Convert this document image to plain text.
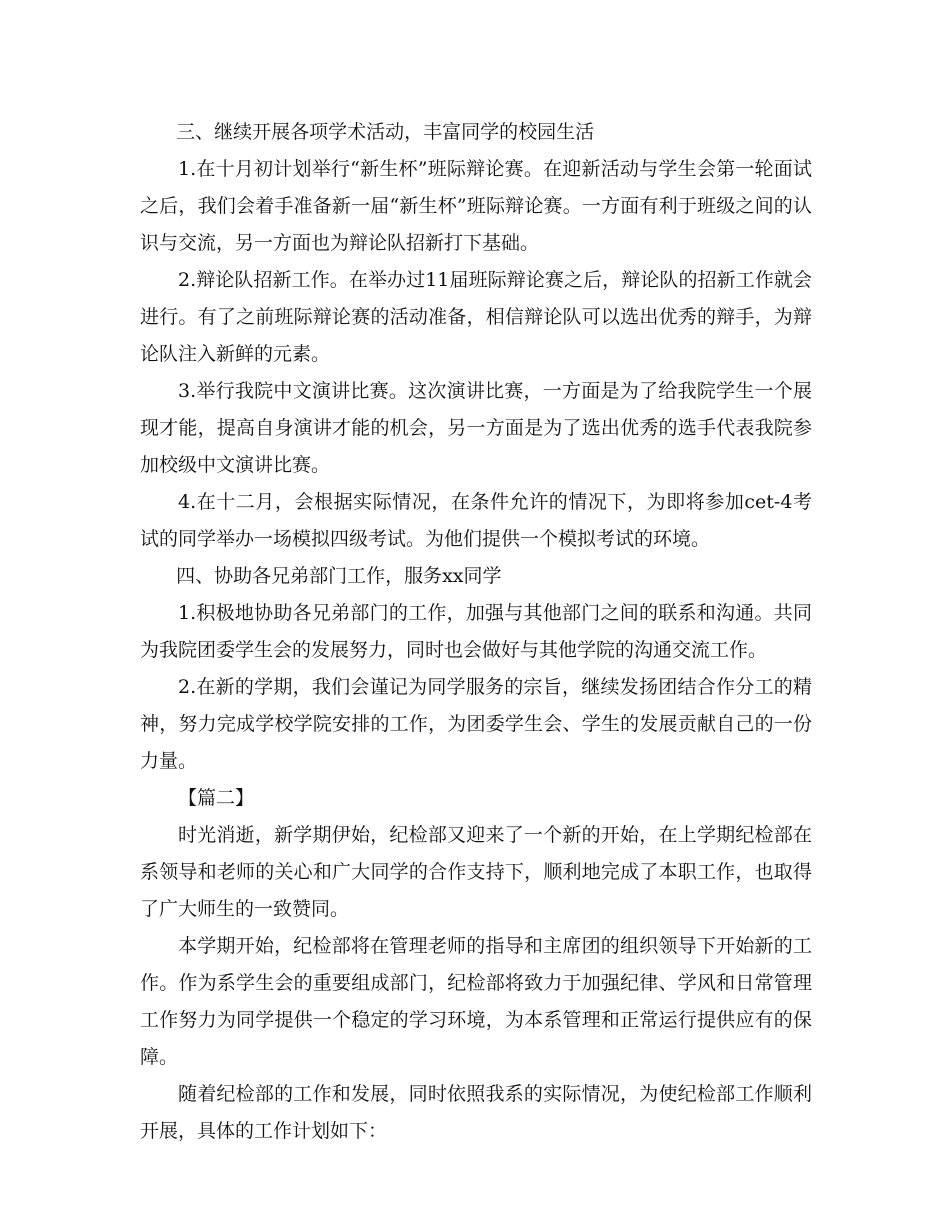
三、继续开展各项学术活动，丰富同学的校园生活

1.在十月初计划举行“新生杯”班际辩论赛。在迎新活动与学生会第一轮面试之后，我们会着手准备新一届“新生杯”班际辩论赛。一方面有利于班级之间的认识与交流，另一方面也为辩论队招新打下基础。

2.辩论队招新工作。在举办过11届班际辩论赛之后，辩论队的招新工作就会进行。有了之前班际辩论赛的活动准备，相信辩论队可以选出优秀的辩手，为辩论队注入新鲜的元素。

3.举行我院中文演讲比赛。这次演讲比赛，一方面是为了给我院学生一个展现才能，提高自身演讲才能的机会，另一方面是为了选出优秀的选手代表我院参加校级中文演讲比赛。

4.在十二月，会根据实际情况，在条件允许的情况下，为即将参加cet-4考试的同学举办一场模拟四级考试。为他们提供一个模拟考试的环境。

四、协助各兄弟部门工作，服务xx同学

1.积极地协助各兄弟部门的工作，加强与其他部门之间的联系和沟通。共同为我院团委学生会的发展努力，同时也会做好与其他学院的沟通交流工作。

2.在新的学期，我们会谨记为同学服务的宗旨，继续发扬团结合作分工的精神，努力完成学校学院安排的工作，为团委学生会、学生的发展贡献自己的一份力量。

【篇二】

时光消逝，新学期伊始，纪检部又迎来了一个新的开始，在上学期纪检部在系领导和老师的关心和广大同学的合作支持下，顺利地完成了本职工作，也取得了广大师生的一致赞同。

本学期开始，纪检部将在管理老师的指导和主席团的组织领导下开始新的工作。作为系学生会的重要组成部门，纪检部将致力于加强纪律、学风和日常管理工作努力为同学提供一个稳定的学习环境，为本系管理和正常运行提供应有的保障。

随着纪检部的工作和发展，同时依照我系的实际情况，为使纪检部工作顺利开展，具体的工作计划如下：
